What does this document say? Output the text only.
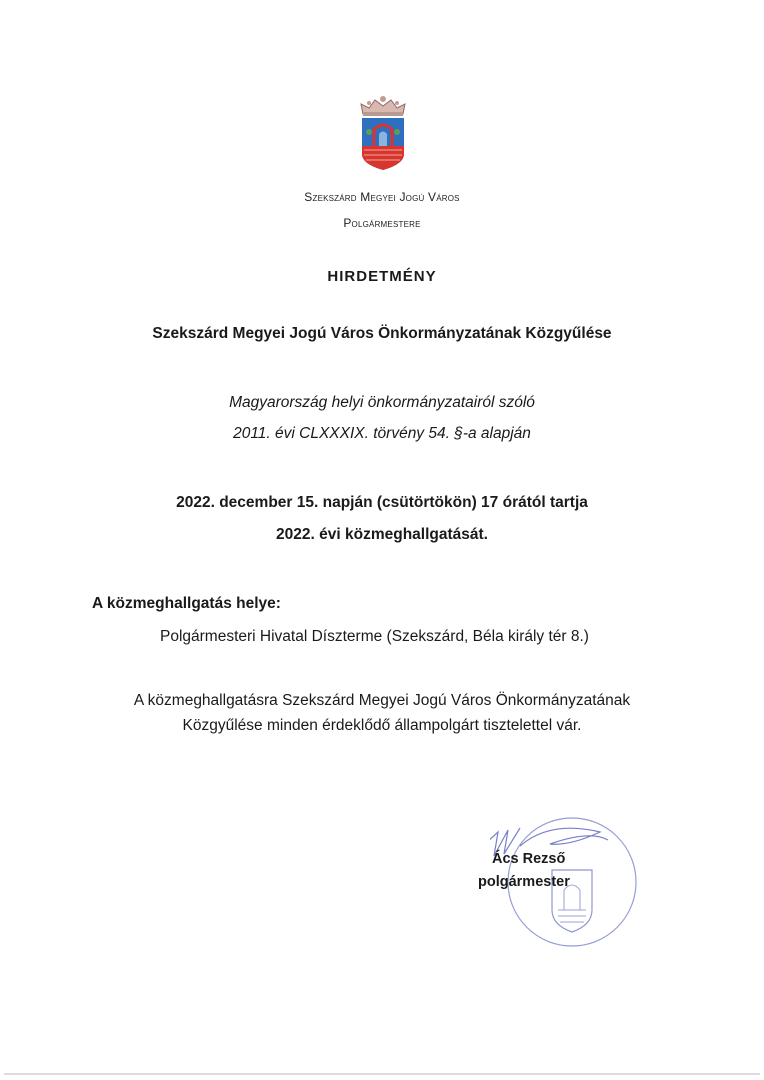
Szekszárd Megyei Jogú Város
Polgármestere
HIRDETMÉNY
Szekszárd Megyei Jogú Város Önkormányzatának Közgyűlése
Magyarország helyi önkormányzatairól szóló
2011. évi CLXXXIX. törvény 54. §-a alapján
2022. december 15. napján (csütörtökön) 17 órától tartja
2022. évi közmeghallgatását.
A közmeghallgatás helye:
Polgármesteri Hivatal Díszterme (Szekszárd, Béla király tér 8.)
A közmeghallgatásra Szekszárd Megyei Jogú Város Önkormányzatának
Közgyűlése minden érdeklődő állampolgárt tisztelettel vár.
Ács Rezső
polgármester
